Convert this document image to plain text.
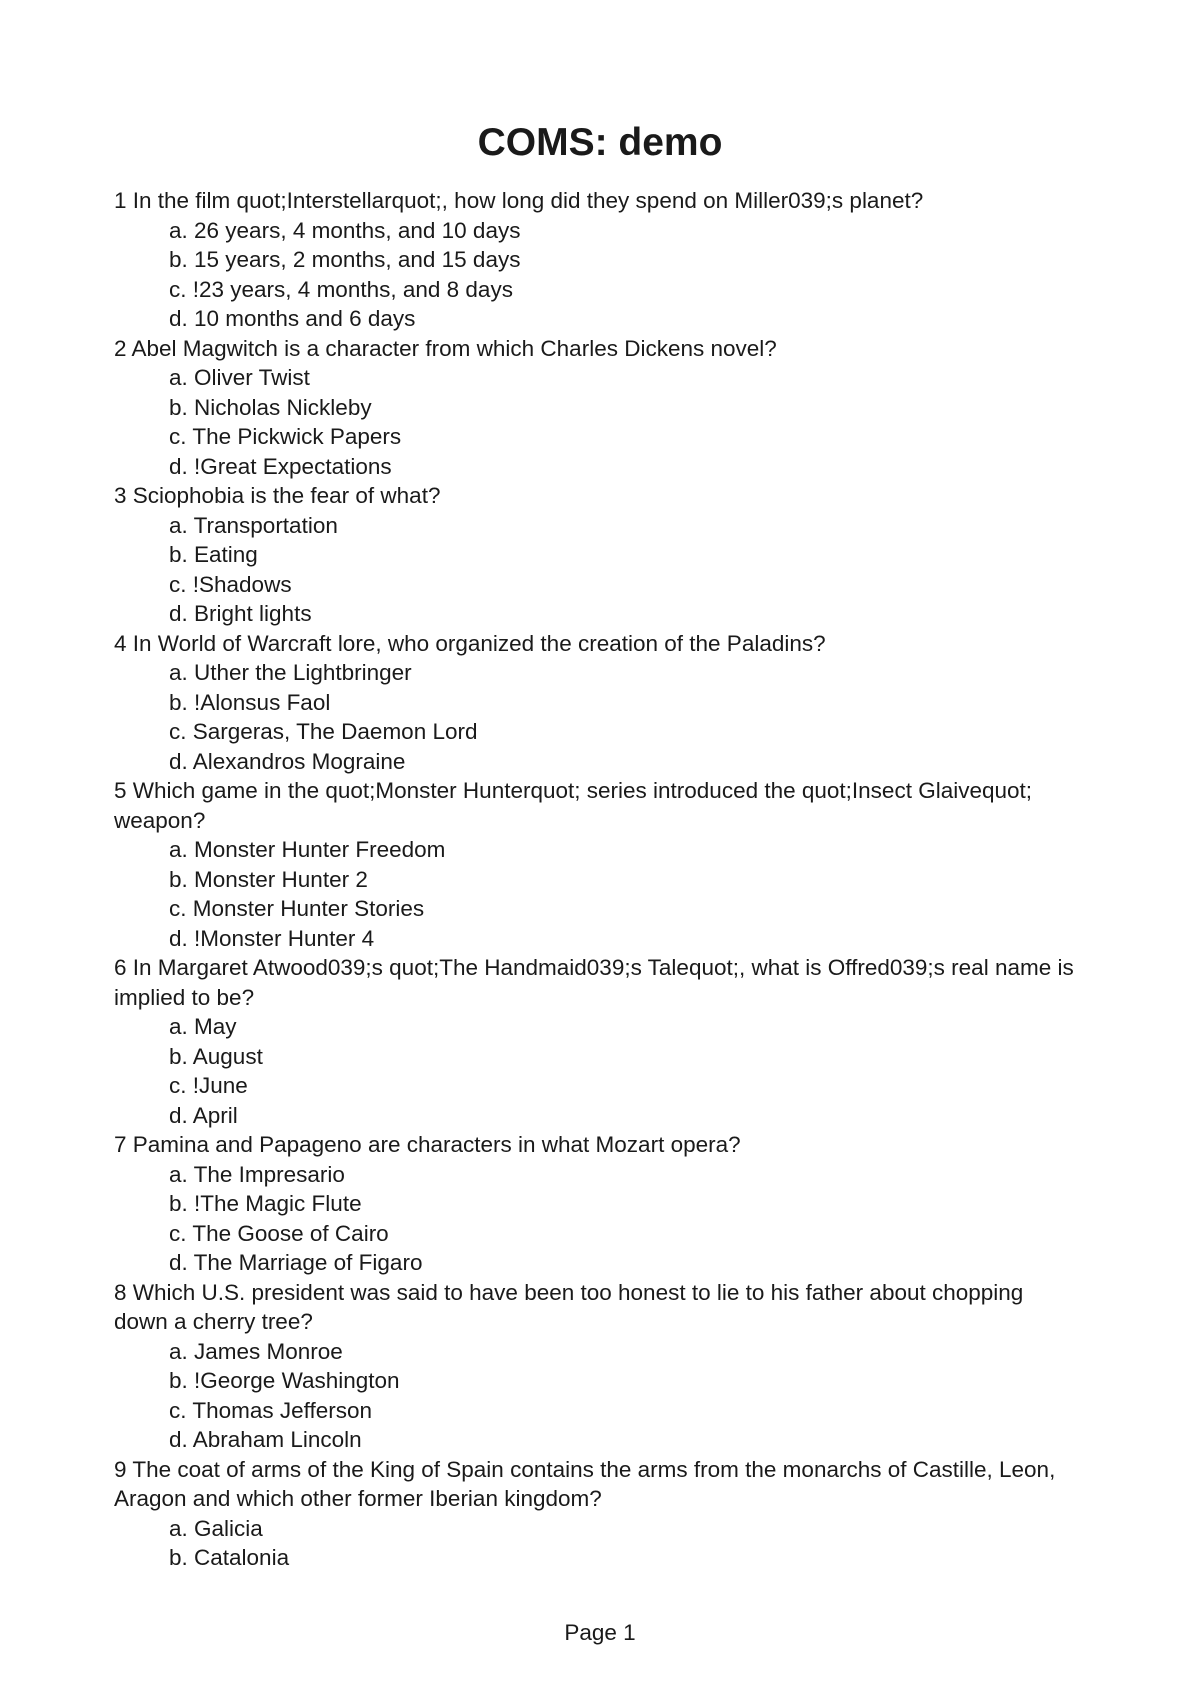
COMS: demo
1 In the film quot;Interstellarquot;, how long did they spend on Miller039;s planet?
a. 26 years, 4 months, and 10 days
b. 15 years, 2 months, and 15 days
c. !23 years, 4 months, and 8 days
d. 10 months and 6 days
2 Abel Magwitch is a character from which Charles Dickens novel?
a. Oliver Twist
b. Nicholas Nickleby
c. The Pickwick Papers
d. !Great Expectations
3 Sciophobia is the fear of what?
a. Transportation
b. Eating
c. !Shadows
d. Bright lights
4 In World of Warcraft lore, who organized the creation of the Paladins?
a. Uther the Lightbringer
b. !Alonsus Faol
c. Sargeras, The Daemon Lord
d. Alexandros Mograine
5 Which game in the quot;Monster Hunterquot; series introduced the quot;Insect Glaivequot; weapon?
a. Monster Hunter Freedom
b. Monster Hunter 2
c. Monster Hunter Stories
d. !Monster Hunter 4
6 In Margaret Atwood039;s quot;The Handmaid039;s Talequot;, what is Offred039;s real name is implied to be?
a. May
b. August
c. !June
d. April
7 Pamina and Papageno are characters in what Mozart opera?
a. The Impresario
b. !The Magic Flute
c. The Goose of Cairo
d. The Marriage of Figaro
8 Which U.S. president was said to have been too honest to lie to his father about chopping down a cherry tree?
a. James Monroe
b. !George Washington
c. Thomas Jefferson
d. Abraham Lincoln
9 The coat of arms of the King of Spain contains the arms from the monarchs of Castille, Leon, Aragon and which other former Iberian kingdom?
a. Galicia
b. Catalonia
Page 1
